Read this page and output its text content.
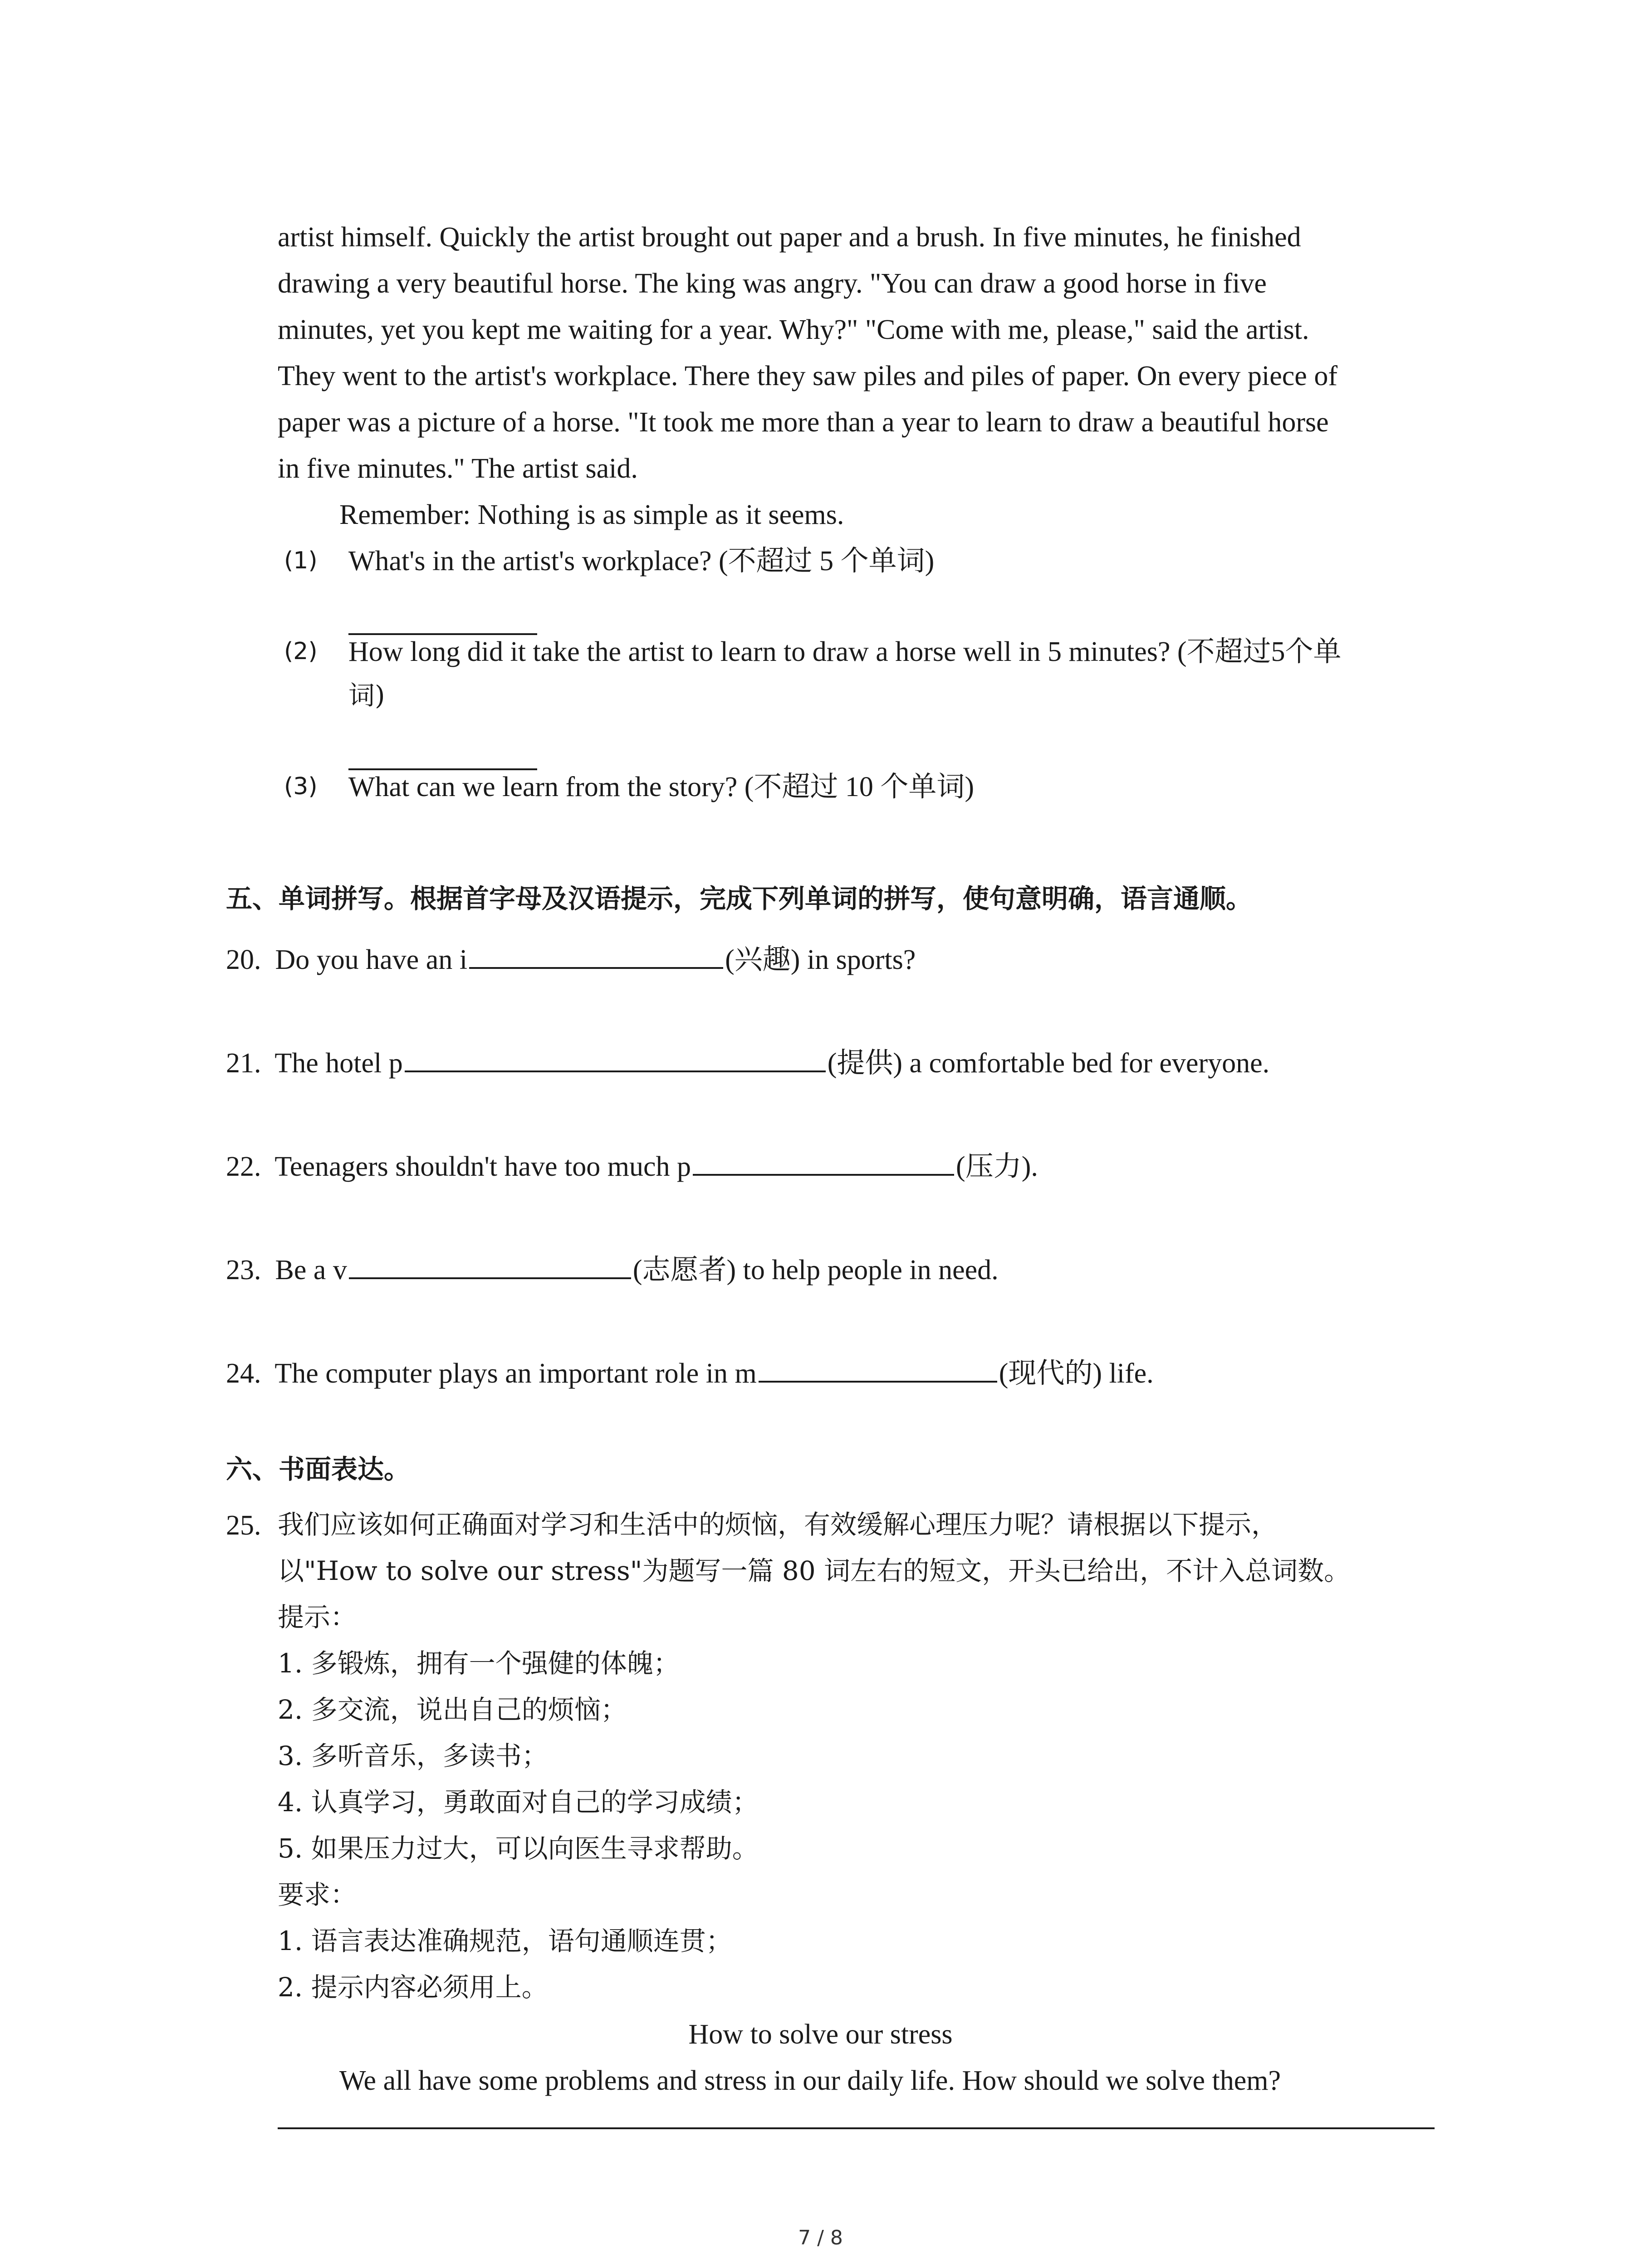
artist himself. Quickly the artist brought out paper and a brush. In five minutes, he finished
drawing a very beautiful horse. The king was angry. "You can draw a good horse in five
minutes, yet you kept me waiting for a year. Why?" "Come with me, please," said the artist.
They went to the artist's workplace. There they saw piles and piles of paper. On every piece of
paper was a picture of a horse. "It took me more than a year to learn to draw a beautiful horse
in five minutes." The artist said.
Remember: Nothing is as simple as it seems.
(1) What's in the artist's workplace? (不超过 5 个单词)
(2) How long did it take the artist to learn to draw a horse well in 5 minutes? (不超过5个单
词)
(3) What can we learn from the story? (不超过 10 个单词)
五、单词拼写。根据首字母及汉语提示，完成下列单词的拼写，使句意明确，语言通顺。
20. Do you have an i	(兴趣) in sports?
21. The hotel p	(提供) a comfortable bed for everyone.
22. Teenagers shouldn't have too much p	(压力).
23. Be a v	(志愿者) to help people in need.
24. The computer plays an important role in m	(现代的) life.
六、书面表达。
25. 我们应该如何正确面对学习和生活中的烦恼，有效缓解心理压力呢？请根据以下提示，
以"How to solve our stress"为题写一篇 80 词左右的短文，开头已给出，不计入总词数。
提示：
1. 多锻炼，拥有一个强健的体魄；
2. 多交流，说出自己的烦恼；
3. 多听音乐，多读书；
4. 认真学习，勇敢面对自己的学习成绩；
5. 如果压力过大，可以向医生寻求帮助。
要求：
1. 语言表达准确规范，语句通顺连贯；
2. 提示内容必须用上。
How to solve our stress
We all have some problems and stress in our daily life. How should we solve them?
7 / 8
